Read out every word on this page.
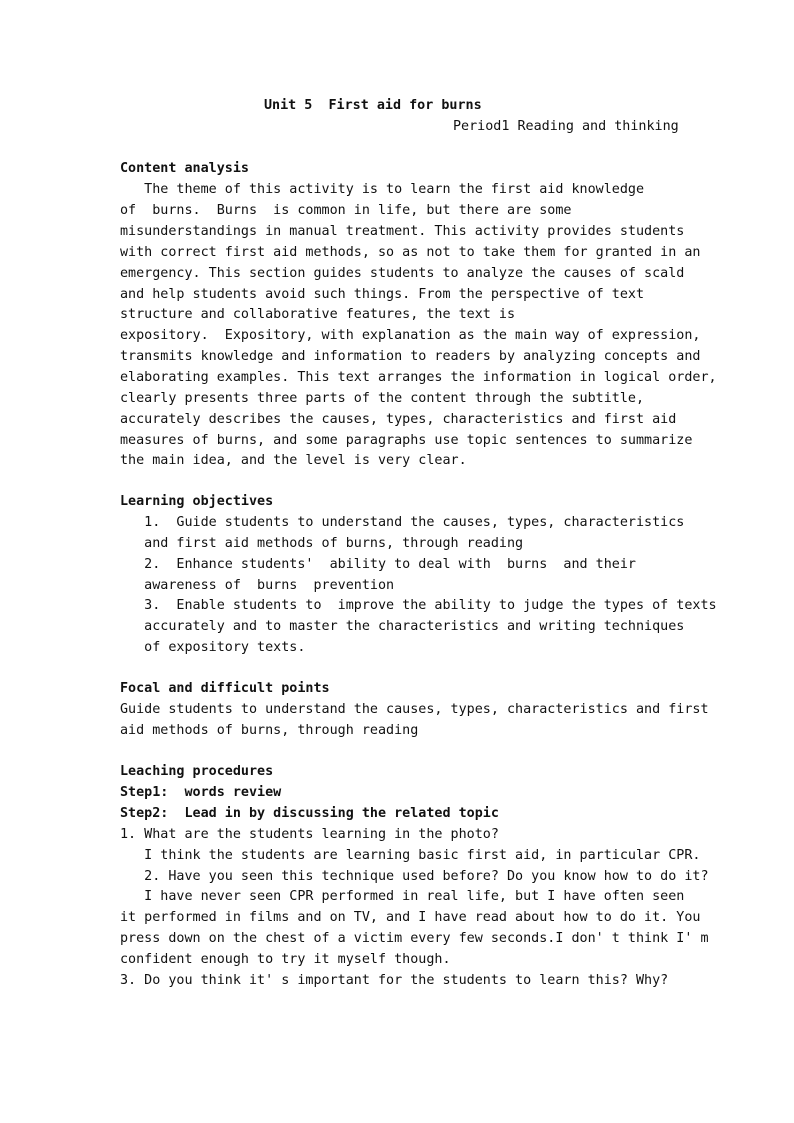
Unit 5  First aid for burns
Period1 Reading and thinking
Content analysis
The theme of this activity is to learn the first aid knowledge
of  burns.  Burns  is common in life, but there are some
misunderstandings in manual treatment. This activity provides students
with correct first aid methods, so as not to take them for granted in an
emergency. This section guides students to analyze the causes of scald
and help students avoid such things. From the perspective of text
structure and collaborative features, the text is
expository.  Expository, with explanation as the main way of expression,
transmits knowledge and information to readers by analyzing concepts and
elaborating examples. This text arranges the information in logical order,
clearly presents three parts of the content through the subtitle,
accurately describes the causes, types, characteristics and first aid
measures of burns, and some paragraphs use topic sentences to summarize
the main idea, and the level is very clear.
Learning objectives
1.  Guide students to understand the causes, types, characteristics
and first aid methods of burns, through reading
2.  Enhance students'  ability to deal with  burns  and their
awareness of  burns  prevention
3.  Enable students to  improve the ability to judge the types of texts
accurately and to master the characteristics and writing techniques
of expository texts.
Focal and difficult points
Guide students to understand the causes, types, characteristics and first
aid methods of burns, through reading
Leaching procedures
Step1:  words review
Step2:  Lead in by discussing the related topic
1. What are the students learning in the photo?
I think the students are learning basic first aid, in particular CPR.
2. Have you seen this technique used before? Do you know how to do it?
I have never seen CPR performed in real life, but I have often seen
it performed in films and on TV, and I have read about how to do it. You
press down on the chest of a victim every few seconds.I don' t think I' m
confident enough to try it myself though.
3. Do you think it' s important for the students to learn this? Why?
